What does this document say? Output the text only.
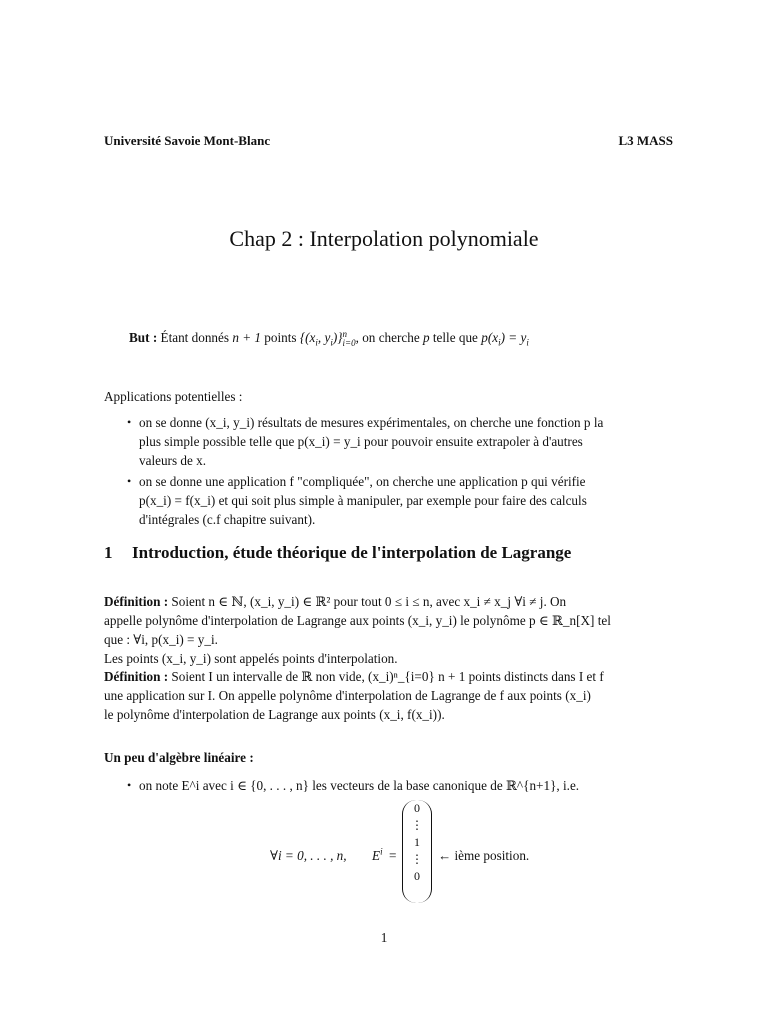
Université Savoie Mont-Blanc	L3 MASS
Chap 2 : Interpolation polynomiale
But : Étant donnés n + 1 points {($x_i$, $y_i$)} n
i=0 , on cherche p telle que $p(x_i) = y_i$
Applications potentielles :
• on se donne (x_i, y_i) résultats de mesures expérimentales, on cherche une fonction p la
plus simple possible telle que p(x_i) = y_i pour pouvoir ensuite extrapoler à d'autres
valeurs de x.
• on se donne une application f "compliquée", on cherche une application p qui vérifie
p(x_i) = f(x_i) et qui soit plus simple à manipuler, par exemple pour faire des calculs
d'intégrales (c.f chapitre suivant).
1 Introduction, étude théorique de l'interpolation de Lagrange
Définition : Soient n ∈ ℕ, (x_i, y_i) ∈ ℝ² pour tout 0 ≤ i ≤ n, avec x_i ≠ x_j ∀i ≠ j. On
appelle polynôme d'interpolation de Lagrange aux points (x_i, y_i) le polynôme p ∈ ℝ_n[X] tel
que : ∀i, p(x_i) = y_i.
Les points (x_i, y_i) sont appelés points d'interpolation.
Définition : Soient I un intervalle de ℝ non vide, (x_i)ⁿ_{i=0} n + 1 points distincts dans I et f
une application sur I. On appelle polynôme d'interpolation de Lagrange de f aux points (x_i)
le polynôme d'interpolation de Lagrange aux points (x_i, f(x_i)).
Un peu d'algèbre linéaire :
• on note E^i avec i ∈ {0, . . . , n} les vecteurs de la base canonique de ℝ^{n+1}, i.e.
∀i = 0, . . . , n, $E^i$ =
0
⋮
1
⋮
0
← ième position.
1
